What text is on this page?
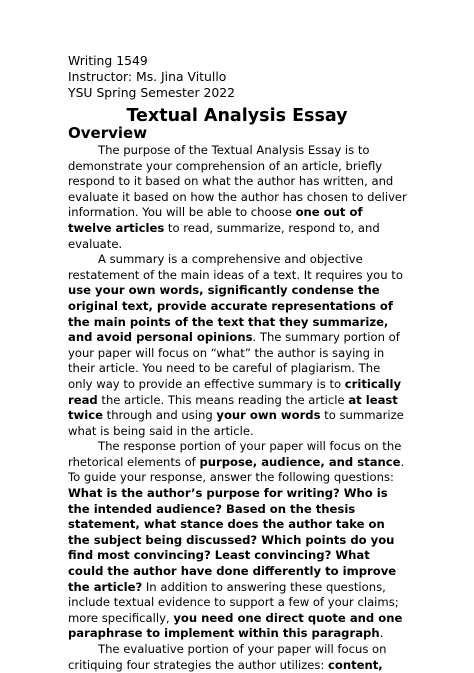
Writing 1549
Instructor: Ms. Jina Vitullo
YSU Spring Semester 2022
Textual Analysis Essay
Overview

The purpose of the Textual Analysis Essay is to demonstrate your comprehension of an article, briefly respond to it based on what the author has written, and evaluate it based on how the author has chosen to deliver information. You will be able to choose one out of twelve articles to read, summarize, respond to, and evaluate.

A summary is a comprehensive and objective restatement of the main ideas of a text. It requires you to use your own words, significantly condense the original text, provide accurate representations of the main points of the text that they summarize, and avoid personal opinions. The summary portion of your paper will focus on “what” the author is saying in their article. You need to be careful of plagiarism. The only way to provide an effective summary is to critically read the article. This means reading the article at least twice through and using your own words to summarize what is being said in the article.

The response portion of your paper will focus on the rhetorical elements of purpose, audience, and stance. To guide your response, answer the following questions: What is the author’s purpose for writing? Who is the intended audience? Based on the thesis statement, what stance does the author take on the subject being discussed? Which points do you find most convincing? Least convincing? What could the author have done differently to improve the article? In addition to answering these questions, include textual evidence to support a few of your claims; more specifically, you need one direct quote and one paraphrase to implement within this paragraph.

The evaluative portion of your paper will focus on critiquing four strategies the author utilizes: content,
